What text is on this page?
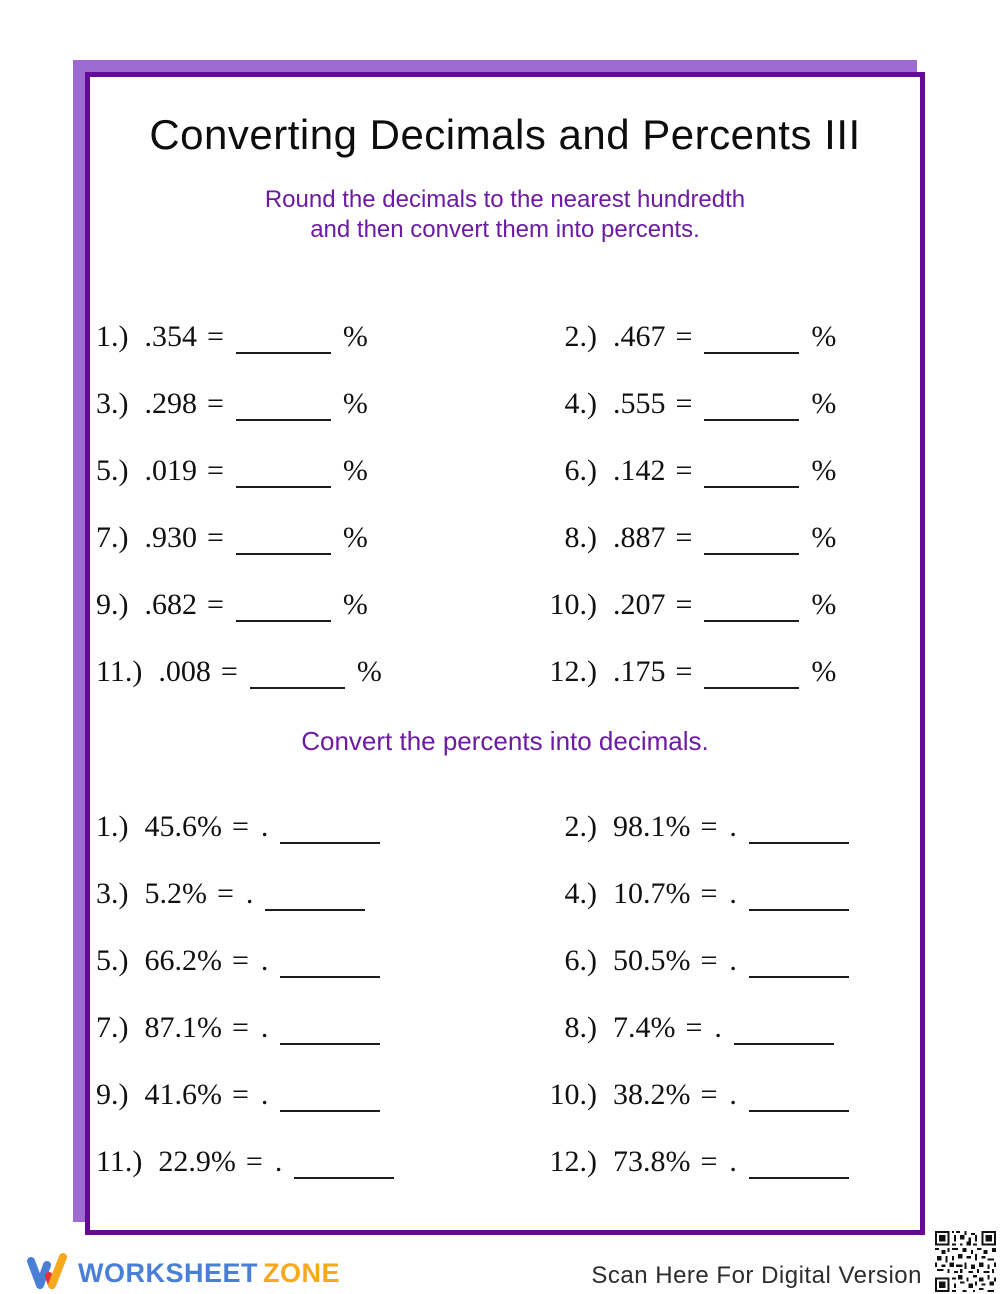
Converting Decimals and Percents III
Round the decimals to the nearest hundredth
and then convert them into percents.
1.) .354 =	%	2.) .467 =	%
3.) .298 =	%	4.) .555 =	%
5.) .019 =	%	6.) .142 =	%
7.) .930 =	%	8.) .887 =	%
9.) .682 =	%	10.) .207 =	%
11.) .008 =	%	12.) .175 =	%
Convert the percents into decimals.
1.) 45.6% = .	2.) 98.1% = .
3.) 5.2% = .	4.) 10.7% = .
5.) 66.2% = .	6.) 50.5% = .
7.) 87.1% = .	8.) 7.4% = .
9.) 41.6% = .	10.) 38.2% = .
11.) 22.9% = .	12.) 73.8% = .
WORKSHEET ZONE	Scan Here For Digital Version
